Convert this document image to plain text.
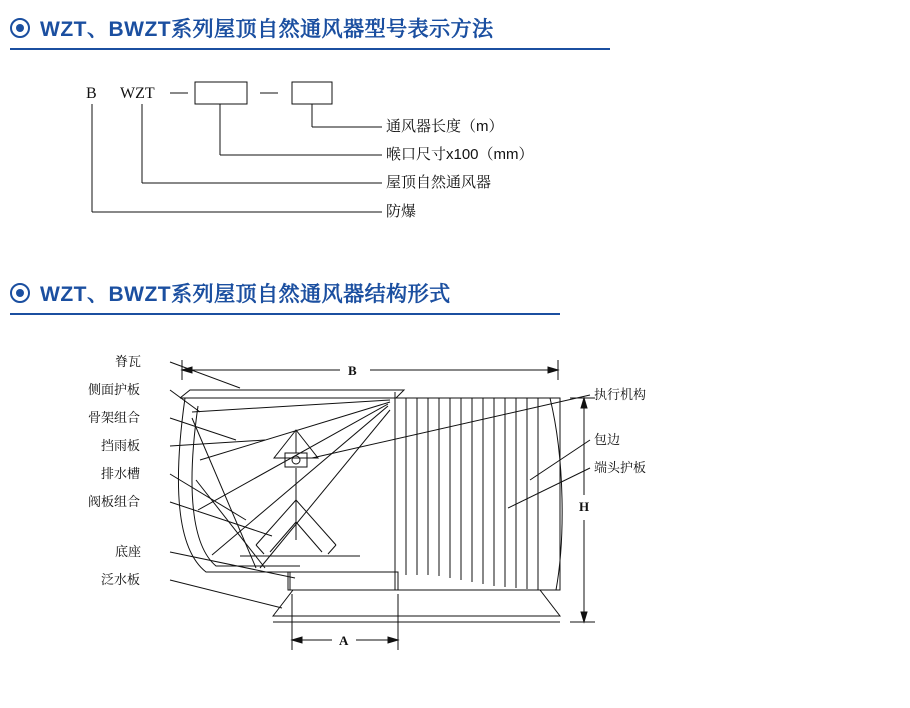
WZT、BWZT系列屋顶自然通风器型号表示方法
B WZT
通风器长度（m）
喉口尺寸x100（mm）
屋顶自然通风器
防爆
WZT、BWZT系列屋顶自然通风器结构形式
脊瓦
侧面护板
骨架组合
挡雨板
排水槽
阀板组合
底座
泛水板
执行机构
包边
端头护板
B
H
A
